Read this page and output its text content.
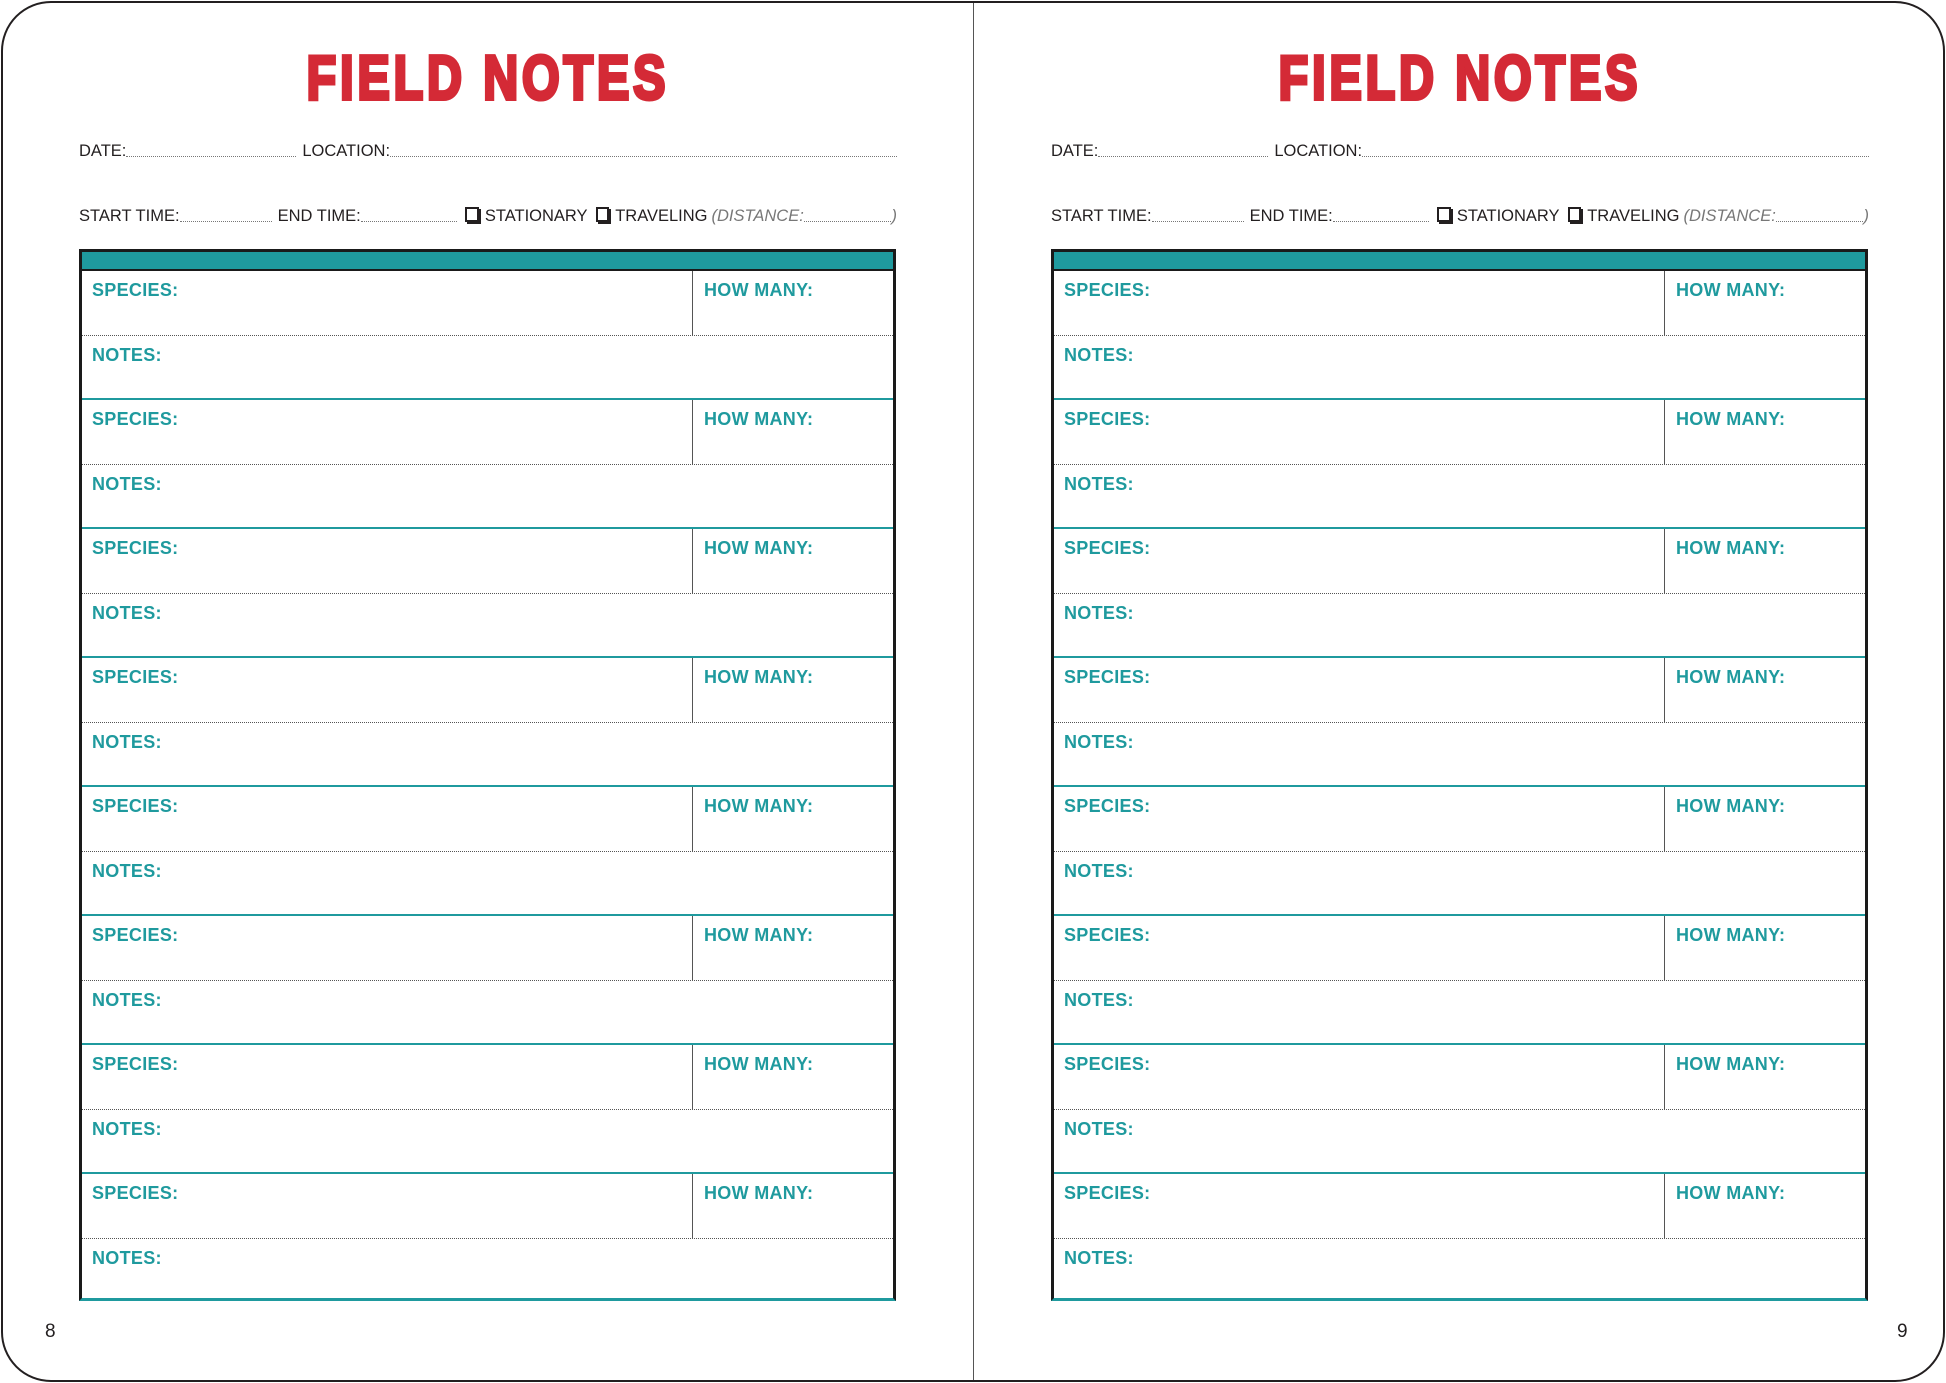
FIELD NOTES
DATE:	LOCATION:
START TIME:	END TIME:	STATIONARY TRAVELING (DISTANCE:	)
SPECIES:	HOW MANY:
NOTES:
SPECIES:	HOW MANY:
NOTES:
SPECIES:	HOW MANY:
NOTES:
SPECIES:	HOW MANY:
NOTES:
SPECIES:	HOW MANY:
NOTES:
SPECIES:	HOW MANY:
NOTES:
SPECIES:	HOW MANY:
NOTES:
SPECIES:	HOW MANY:
NOTES:
8
FIELD NOTES
DATE:	LOCATION:
START TIME:	END TIME:	STATIONARY TRAVELING (DISTANCE:	)
SPECIES:	HOW MANY:
NOTES:
SPECIES:	HOW MANY:
NOTES:
SPECIES:	HOW MANY:
NOTES:
SPECIES:	HOW MANY:
NOTES:
SPECIES:	HOW MANY:
NOTES:
SPECIES:	HOW MANY:
NOTES:
SPECIES:	HOW MANY:
NOTES:
SPECIES:	HOW MANY:
NOTES:
9
